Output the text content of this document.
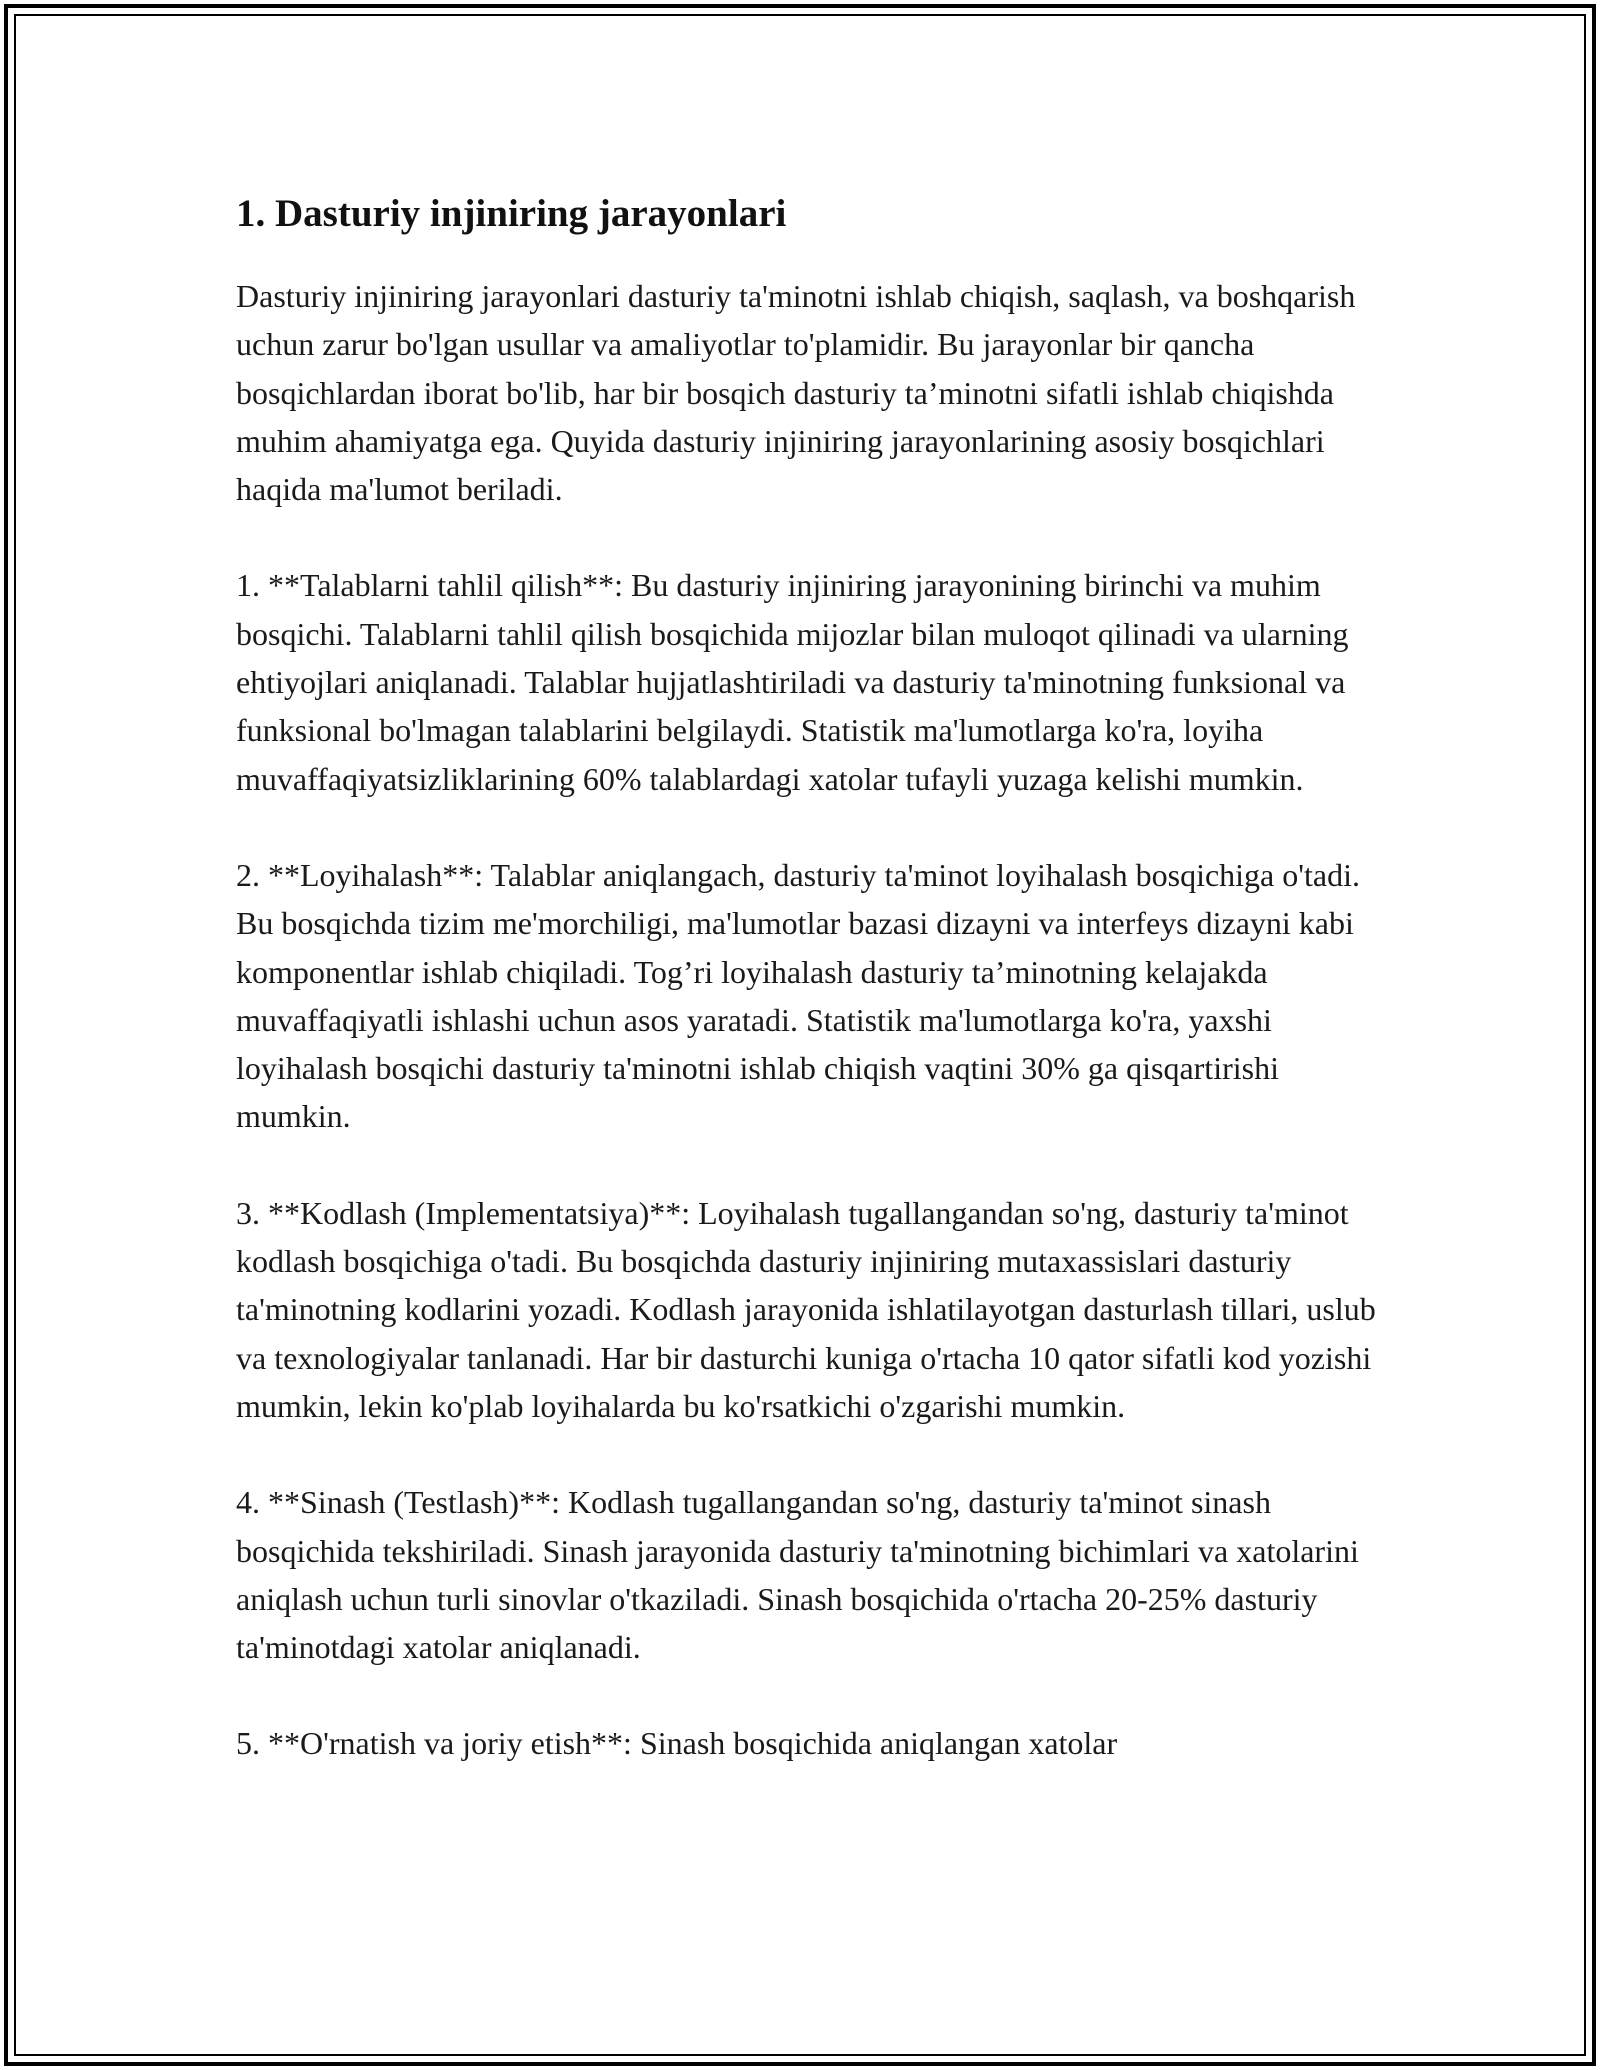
1. Dasturiy injiniring jarayonlari

Dasturiy injiniring jarayonlari dasturiy ta'minotni ishlab chiqish, saqlash, va boshqarish uchun zarur bo'lgan usullar va amaliyotlar to'plamidir. Bu jarayonlar bir qancha bosqichlardan iborat bo'lib, har bir bosqich dasturiy ta’minotni sifatli ishlab chiqishda muhim ahamiyatga ega. Quyida dasturiy injiniring jarayonlarining asosiy bosqichlari haqida ma'lumot beriladi.

1. **Talablarni tahlil qilish**: Bu dasturiy injiniring jarayonining birinchi va muhim bosqichi. Talablarni tahlil qilish bosqichida mijozlar bilan muloqot qilinadi va ularning ehtiyojlari aniqlanadi. Talablar hujjatlashtiriladi va dasturiy ta'minotning funksional va funksional bo'lmagan talablarini belgilaydi. Statistik ma'lumotlarga ko'ra, loyiha muvaffaqiyatsizliklarining 60% talablardagi xatolar tufayli yuzaga kelishi mumkin.

2. **Loyihalash**: Talablar aniqlangach, dasturiy ta'minot loyihalash bosqichiga o'tadi. Bu bosqichda tizim me'morchiligi, ma'lumotlar bazasi dizayni va interfeys dizayni kabi komponentlar ishlab chiqiladi. Tog’ri loyihalash dasturiy ta’minotning kelajakda muvaffaqiyatli ishlashi uchun asos yaratadi. Statistik ma'lumotlarga ko'ra, yaxshi loyihalash bosqichi dasturiy ta'minotni ishlab chiqish vaqtini 30% ga qisqartirishi mumkin.

3. **Kodlash (Implementatsiya)**: Loyihalash tugallangandan so'ng, dasturiy ta'minot kodlash bosqichiga o'tadi. Bu bosqichda dasturiy injiniring mutaxassislari dasturiy ta'minotning kodlarini yozadi. Kodlash jarayonida ishlatilayotgan dasturlash tillari, uslub va texnologiyalar tanlanadi. Har bir dasturchi kuniga o'rtacha 10 qator sifatli kod yozishi mumkin, lekin ko'plab loyihalarda bu ko'rsatkichi o'zgarishi mumkin.

4. **Sinash (Testlash)**: Kodlash tugallangandan so'ng, dasturiy ta'minot sinash bosqichida tekshiriladi. Sinash jarayonida dasturiy ta'minotning bichimlari va xatolarini aniqlash uchun turli sinovlar o'tkaziladi. Sinash bosqichida o'rtacha 20-25% dasturiy ta'minotdagi xatolar aniqlanadi.

5. **O'rnatish va joriy etish**: Sinash bosqichida aniqlangan xatolar
